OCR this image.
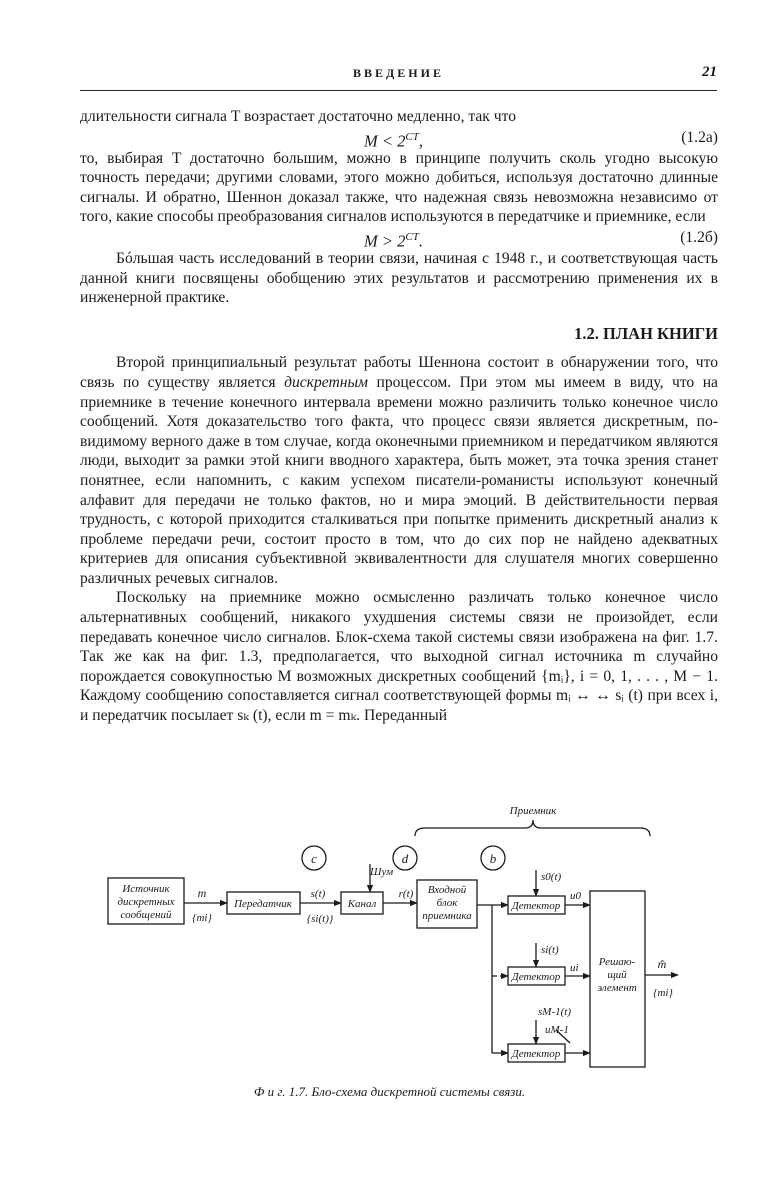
ВВЕДЕНИЕ	21

длительности сигнала T возрастает достаточно медленно, так что

$M < 2^{CT}$,	(1.2a)

то, выбирая T достаточно большим, можно в принципе получить сколь угодно высокую точность передачи; другими словами, этого можно добиться, используя достаточно длинные сигналы. И обратно, Шеннон доказал также, что надежная связь невозможна независимо от того, какие способы преобразования сигналов используются в передатчике и приемнике, если

$M > 2^{CT}$.	(1.2б)

Бóльшая часть исследований в теории связи, начиная с 1948 г., и соответствующая часть данной книги посвящены обобщению этих результатов и рассмотрению применения их в инженерной практике.

1.2. ПЛАН КНИГИ

Второй принципиальный результат работы Шеннона состоит в обнаружении того, что связь по существу является дискретным процессом. При этом мы имеем в виду, что на приемнике в течение конечного интервала времени можно различить только конечное число сообщений. Хотя доказательство того факта, что процесс связи является дискретным, по-видимому верного даже в том случае, когда оконечными приемником и передатчиком являются люди, выходит за рамки этой книги вводного характера, быть может, эта точка зрения станет понятнее, если напомнить, с каким успехом писатели-романисты используют конечный алфавит для передачи не только фактов, но и мира эмоций. В действительности первая трудность, с которой приходится сталкиваться при попытке применить дискретный анализ к проблеме передачи речи, состоит просто в том, что до сих пор не найдено адекватных критериев для описания субъективной эквивалентности для слушателя многих совершенно различных речевых сигналов.

Поскольку на приемнике можно осмысленно различать только конечное число альтернативных сообщений, никакого ухудшения системы связи не произойдет, если передавать конечное число сигналов. Блок-схема такой системы связи изображена на фиг. 1.7. Так же как на фиг. 1.3, предполагается, что выходной сигнал источника m случайно порождается совокупностью M возможных дискретных сообщений {mᵢ}, i = 0, 1, . . . , M − 1. Каждому сообщению сопоставляется сигнал соответствующей формы mᵢ ↔ ↔ sᵢ (t) при всех i, и передатчик посылает sₖ (t), если m = mₖ. Переданный

Приемник
c	d	b
Шум
Источник
дискретных
сообщений
m
{mi}
Передатчик
s(t)
{si(t)}
Канал
r(t) Входной
блок
приемника
Детектор
Детектор
Детектор
s0(t)
u0
si(t)
ui
sM-1(t)
uM-1
Решаю-
щий
элемент
m̂
{mi}
Ф и г. 1.7. Бло-схема дискретной системы связи.
